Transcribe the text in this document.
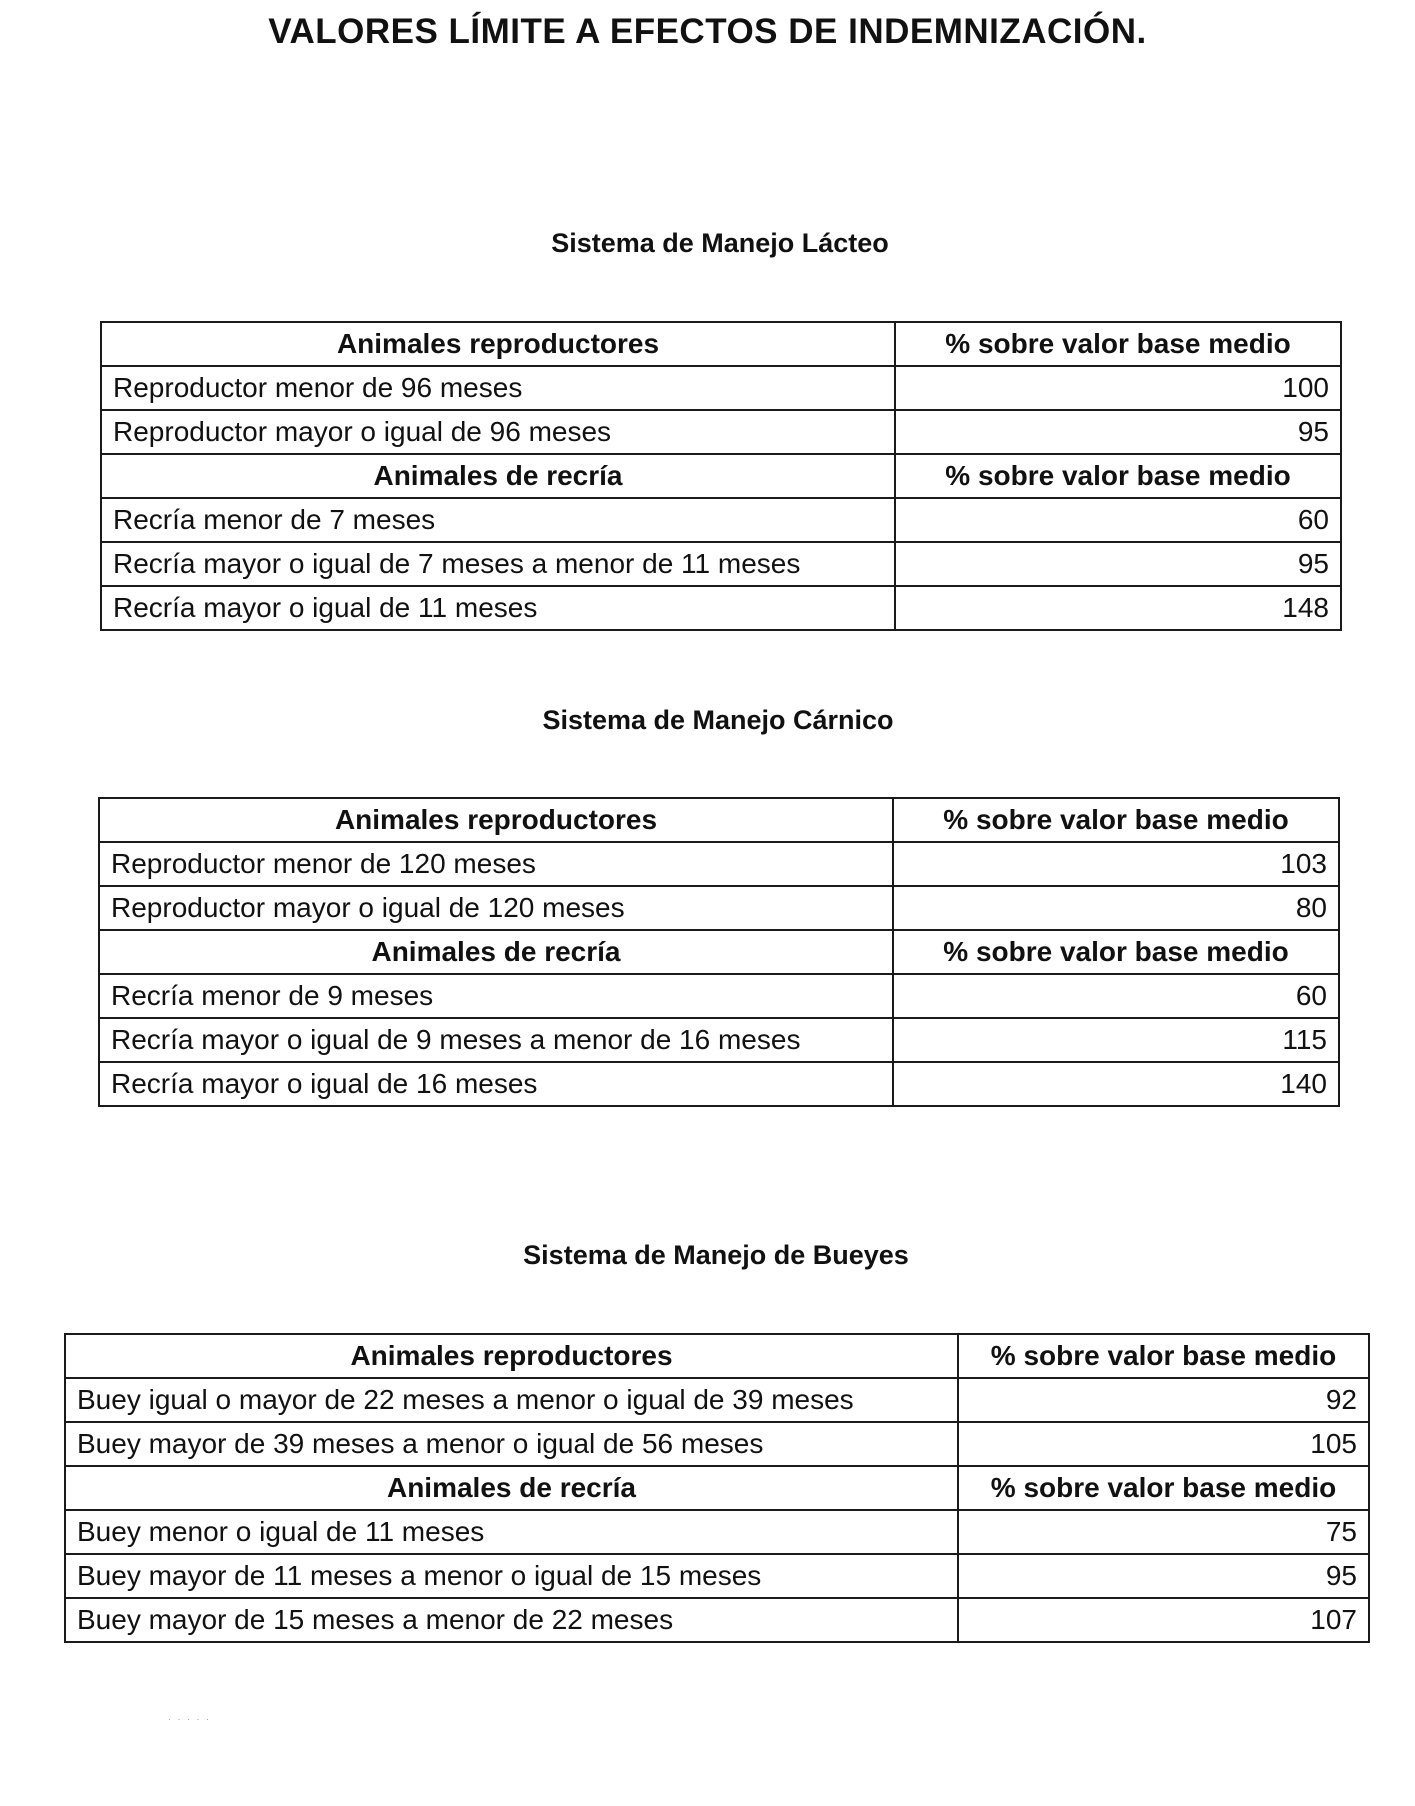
VALORES LÍMITE A EFECTOS DE INDEMNIZACIÓN.
Sistema de Manejo Lácteo
Animales reproductores	% sobre valor base medio
Reproductor menor de 96 meses	100
Reproductor mayor o igual de 96 meses	95
Animales de recría	% sobre valor base medio
Recría menor de 7 meses	60
Recría mayor o igual de 7 meses a menor de 11 meses	95
Recría mayor o igual de 11 meses	148
Sistema de Manejo Cárnico
Animales reproductores	% sobre valor base medio
Reproductor menor de 120 meses	103
Reproductor mayor o igual de 120 meses	80
Animales de recría	% sobre valor base medio
Recría menor de 9 meses	60
Recría mayor o igual de 9 meses a menor de 16 meses	115
Recría mayor o igual de 16 meses	140
Sistema de Manejo de Bueyes
Animales reproductores	% sobre valor base medio
Buey igual o mayor de 22 meses a menor o igual de 39 meses	92
Buey mayor de 39 meses a menor o igual de 56 meses	105
Animales de recría	% sobre valor base medio
Buey menor o igual de 11 meses	75
Buey mayor de 11 meses a menor o igual de 15 meses	95
Buey mayor de 15 meses a menor de 22 meses	107
· · · · ·
